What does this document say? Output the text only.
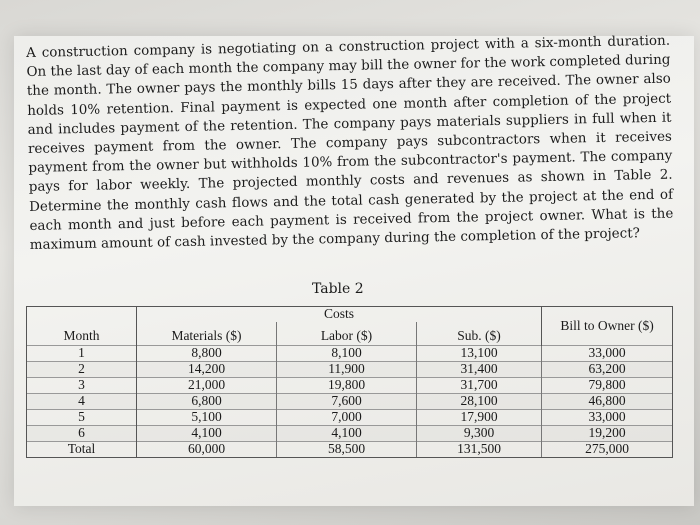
A construction company is negotiating on a construction project with a six-month duration. On the last day of each month the company may bill the owner for the work completed during the month. The owner pays the monthly bills 15 days after they are received. The owner also holds 10% retention. Final payment is expected one month after completion of the project and includes payment of the retention. The company pays materials suppliers in full when it receives payment from the owner. The company pays subcontractors when it receives payment from the owner but withholds 10% from the subcontractor's payment. The company pays for labor weekly. The projected monthly costs and revenues as shown in Table 2. Determine the monthly cash flows and the total cash generated by the project at the end of each month and just before each payment is received from the project owner. What is the maximum amount of cash invested by the company during the completion of the project?

Table 2
	Costs			Bill to Owner ($)
Month	Materials ($)	Labor ($)	Sub. ($)	
1	8,800	8,100	13,100	33,000
2	14,200	11,900	31,400	63,200
3	21,000	19,800	31,700	79,800
4	6,800	7,600	28,100	46,800
5	5,100	7,000	17,900	33,000
6	4,100	4,100	9,300	19,200
Total	60,000	58,500	131,500	275,000
